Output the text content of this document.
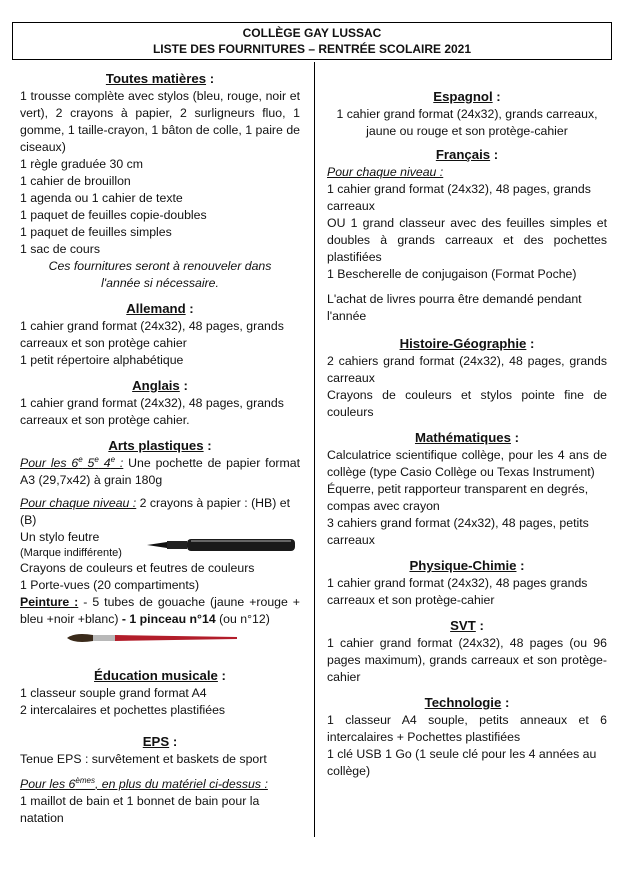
COLLÈGE GAY LUSSAC
LISTE DES FOURNITURES – RENTRÉE SCOLAIRE 2021
Toutes matières :

1 trousse complète avec stylos (bleu, rouge, noir et vert), 2 crayons à papier, 2 surligneurs fluo, 1 gomme, 1 taille-crayon, 1 bâton de colle, 1 paire de ciseaux)

1 règle graduée 30 cm

1 cahier de brouillon

1 agenda ou 1 cahier de texte

1 paquet de feuilles copie-doubles

1 paquet de feuilles simples

1 sac de cours

Ces fournitures seront à renouveler dans l'année si nécessaire.

Allemand :

1 cahier grand format (24x32), 48 pages, grands carreaux et son protège cahier

1 petit répertoire alphabétique

Anglais :

1 cahier grand format (24x32), 48 pages, grands carreaux et son protège cahier.

Arts plastiques :

Pour les 6e 5e 4e : Une pochette de papier format A3 (29,7x42) à grain 180g

Pour chaque niveau : 2 crayons à papier : (HB) et (B)

Un stylo feutre

(Marque indifférente)

Crayons de couleurs et feutres de couleurs

1 Porte-vues (20 compartiments)

Peinture : - 5 tubes de gouache (jaune +rouge + bleu +noir +blanc) - 1 pinceau n°14 (ou n°12)

Éducation musicale :

1 classeur souple grand format A4

2 intercalaires et pochettes plastifiées

EPS :

Tenue EPS : survêtement et baskets de sport

Pour les 6èmes, en plus du matériel ci-dessus :

1 maillot de bain et 1 bonnet de bain pour la natation

Espagnol :

1 cahier grand format (24x32), grands carreaux, jaune ou rouge et son protège-cahier

Français :

Pour chaque niveau :

1 cahier grand format (24x32), 48 pages, grands carreaux

OU 1 grand classeur avec des feuilles simples et doubles à grands carreaux et des pochettes plastifiées

1 Bescherelle de conjugaison (Format Poche)

L'achat de livres pourra être demandé pendant l'année

Histoire-Géographie :

2 cahiers grand format (24x32), 48 pages, grands carreaux

Crayons de couleurs et stylos pointe fine de couleurs

Mathématiques :

Calculatrice scientifique collège, pour les 4 ans de collège (type Casio Collège ou Texas Instrument)

Équerre, petit rapporteur transparent en degrés, compas avec crayon

3 cahiers grand format (24x32), 48 pages, petits carreaux

Physique-Chimie :

1 cahier grand format (24x32), 48 pages grands carreaux et son protège-cahier

SVT :

1 cahier grand format (24x32), 48 pages (ou 96 pages maximum), grands carreaux et son protège-cahier

Technologie :

1 classeur A4 souple, petits anneaux et 6 intercalaires + Pochettes plastifiées

1 clé USB 1 Go (1 seule clé pour les 4 années au collège)
